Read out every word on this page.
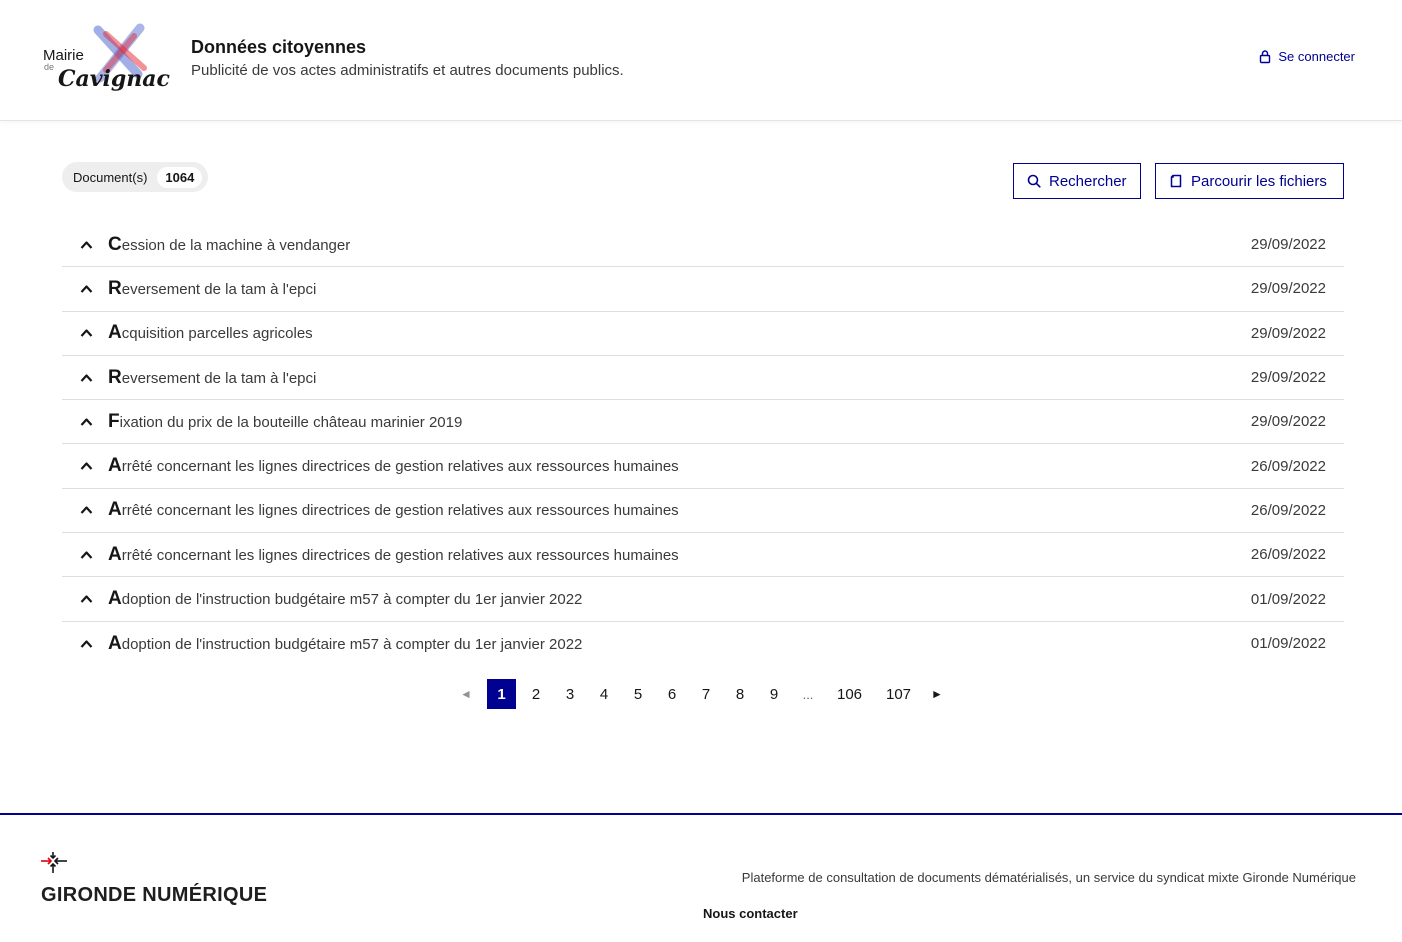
Mairie
de Cavignac
Données citoyennes
Publicité de vos actes administratifs et autres documents publics.
Se connecter
Document(s)	1064	Rechercher	Parcourir les fichiers
Cession de la machine à vendanger	29/09/2022
Reversement de la tam à l'epci	29/09/2022
Acquisition parcelles agricoles	29/09/2022
Reversement de la tam à l'epci	29/09/2022
Fixation du prix de la bouteille château marinier 2019	29/09/2022
Arrêté concernant les lignes directrices de gestion relatives aux ressources humaines	26/09/2022
Arrêté concernant les lignes directrices de gestion relatives aux ressources humaines	26/09/2022
Arrêté concernant les lignes directrices de gestion relatives aux ressources humaines	26/09/2022
Adoption de l'instruction budgétaire m57 à compter du 1er janvier 2022	01/09/2022
Adoption de l'instruction budgétaire m57 à compter du 1er janvier 2022	01/09/2022
◄	1	2	3	4	5	6	7	8	9	...	106	107	►
GIRONDE NUMÉRIQUE
Plateforme de consultation de documents dématérialisés, un service du syndicat mixte Gironde Numérique
Nous contacter
